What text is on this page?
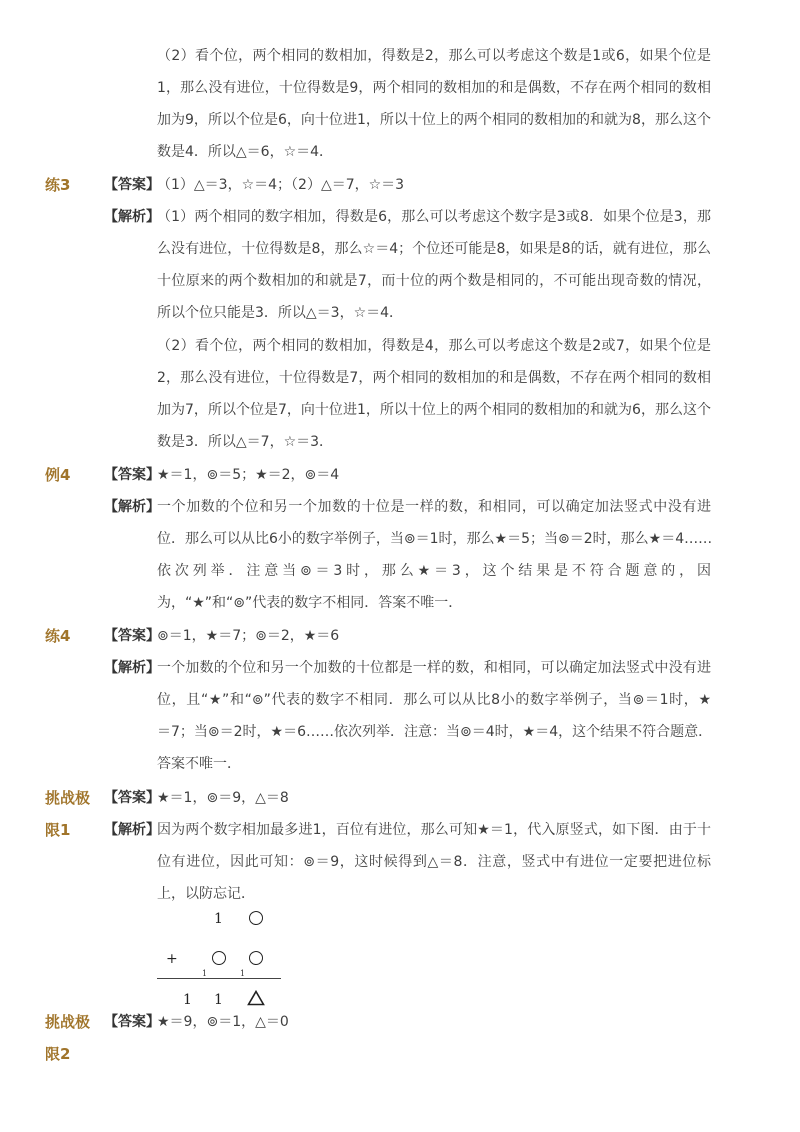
（2）看个位，两个相同的数相加，得数是2，那么可以考虑这个数是1或6，如果个位是
1，那么没有进位，十位得数是9，两个相同的数相加的和是偶数，不存在两个相同的数相
加为9，所以个位是6，向十位进1，所以十位上的两个相同的数相加的和就为8，那么这个
数是4．所以△＝6，☆＝4．
练3 【答案】
（1）△＝3，☆＝4；（2）△＝7，☆＝3
【解析】
（1）两个相同的数字相加，得数是6，那么可以考虑这个数字是3或8．如果个位是3，那
么没有进位，十位得数是8，那么☆＝4；个位还可能是8，如果是8的话，就有进位，那么
十位原来的两个数相加的和就是7，而十位的两个数是相同的，不可能出现奇数的情况，
所以个位只能是3．所以△＝3，☆＝4．
（2）看个位，两个相同的数相加，得数是4，那么可以考虑这个数是2或7，如果个位是
2，那么没有进位，十位得数是7，两个相同的数相加的和是偶数，不存在两个相同的数相
加为7，所以个位是7，向十位进1，所以十位上的两个相同的数相加的和就为6，那么这个
数是3．所以△＝7，☆＝3．
例4 【答案】
★＝1，⊚＝5；★＝2，⊚＝4
【解析】
一个加数的个位和另一个加数的十位是一样的数，和相同，可以确定加法竖式中没有进
位．那么可以从比6小的数字举例子，当⊚＝1时，那么★＝5；当⊚＝2时，那么★＝4……
依次列举．注意当⊚＝3时，那么★＝3，这个结果是不符合题意的，因
为，“★”和“⊚”代表的数字不相同．答案不唯一．
练4 【答案】
⊚＝1，★＝7；⊚＝2，★＝6
【解析】
一个加数的个位和另一个加数的十位都是一样的数，和相同，可以确定加法竖式中没有进
位，且“★”和“⊚”代表的数字不相同．那么可以从比8小的数字举例子，当⊚＝1时，★
＝7；当⊚＝2时，★＝6……依次列举．注意：当⊚＝4时，★＝4，这个结果不符合题意．
答案不唯一．
挑战极
限1
【答案】
★＝1，⊚＝9，△＝8
【解析】
因为两个数字相加最多进1，百位有进位，那么可知★＝1，代入原竖式，如下图．由于十
位有进位，因此可知：⊚＝9，这时候得到△＝8．注意，竖式中有进位一定要把进位标
上，以防忘记．
1
+
1	1
1 1
挑战极
限2
【答案】
★＝9，⊚＝1，△＝0
